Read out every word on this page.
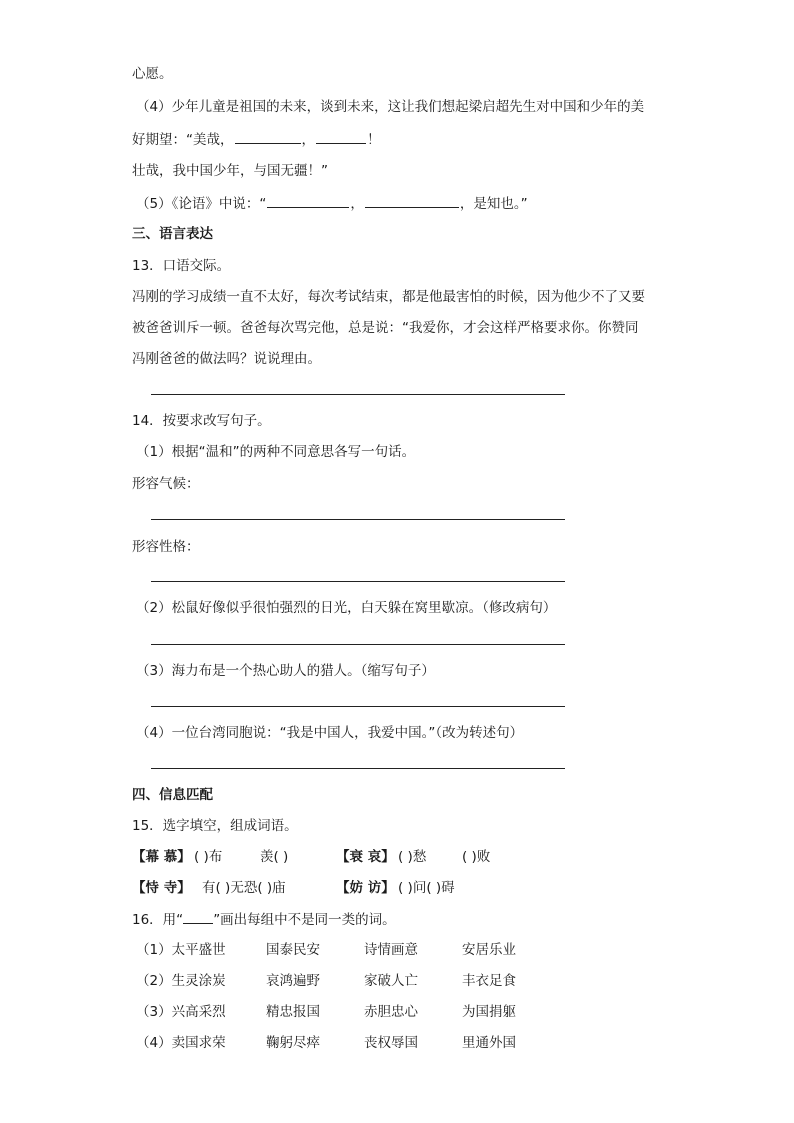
心愿。
（4）少年儿童是祖国的未来，谈到未来，这让我们想起梁启超先生对中国和少年的美
好期望：“美哉，	，	！
壮哉，我中国少年，与国无疆！”
（5）《论语》中说：“	，	，是知也。”
三、语言表达
13．口语交际。
冯刚的学习成绩一直不太好，每次考试结束，都是他最害怕的时候，因为他少不了又要
被爸爸训斥一顿。爸爸每次骂完他，总是说：“我爱你，才会这样严格要求你。你赞同
冯刚爸爸的做法吗？说说理由。
14．按要求改写句子。
（1）根据“温和”的两种不同意思各写一句话。
形容气候：
形容性格：
（2）松鼠好像似乎很怕强烈的日光，白天躲在窝里歇凉。（修改病句）
（3）海力布是一个热心助人的猎人。（缩写句子）
（4）一位台湾同胞说：“我是中国人，我爱中国。”（改为转述句）
四、信息匹配
15．选字填空，组成词语。
【幕 慕】 ( )布	羡( )	【衰 哀】 ( )愁	( )败
【恃 寺】 有( )无恐( )庙	【妨 访】 ( )问( )碍
16．用“ ”画出每组中不是同一类的词。
（1）太平盛世	国泰民安	诗情画意	安居乐业
（2）生灵涂炭	哀鸿遍野	家破人亡	丰衣足食
（3）兴高采烈	精忠报国	赤胆忠心	为国捐躯
（4）卖国求荣	鞠躬尽瘁	丧权辱国	里通外国
